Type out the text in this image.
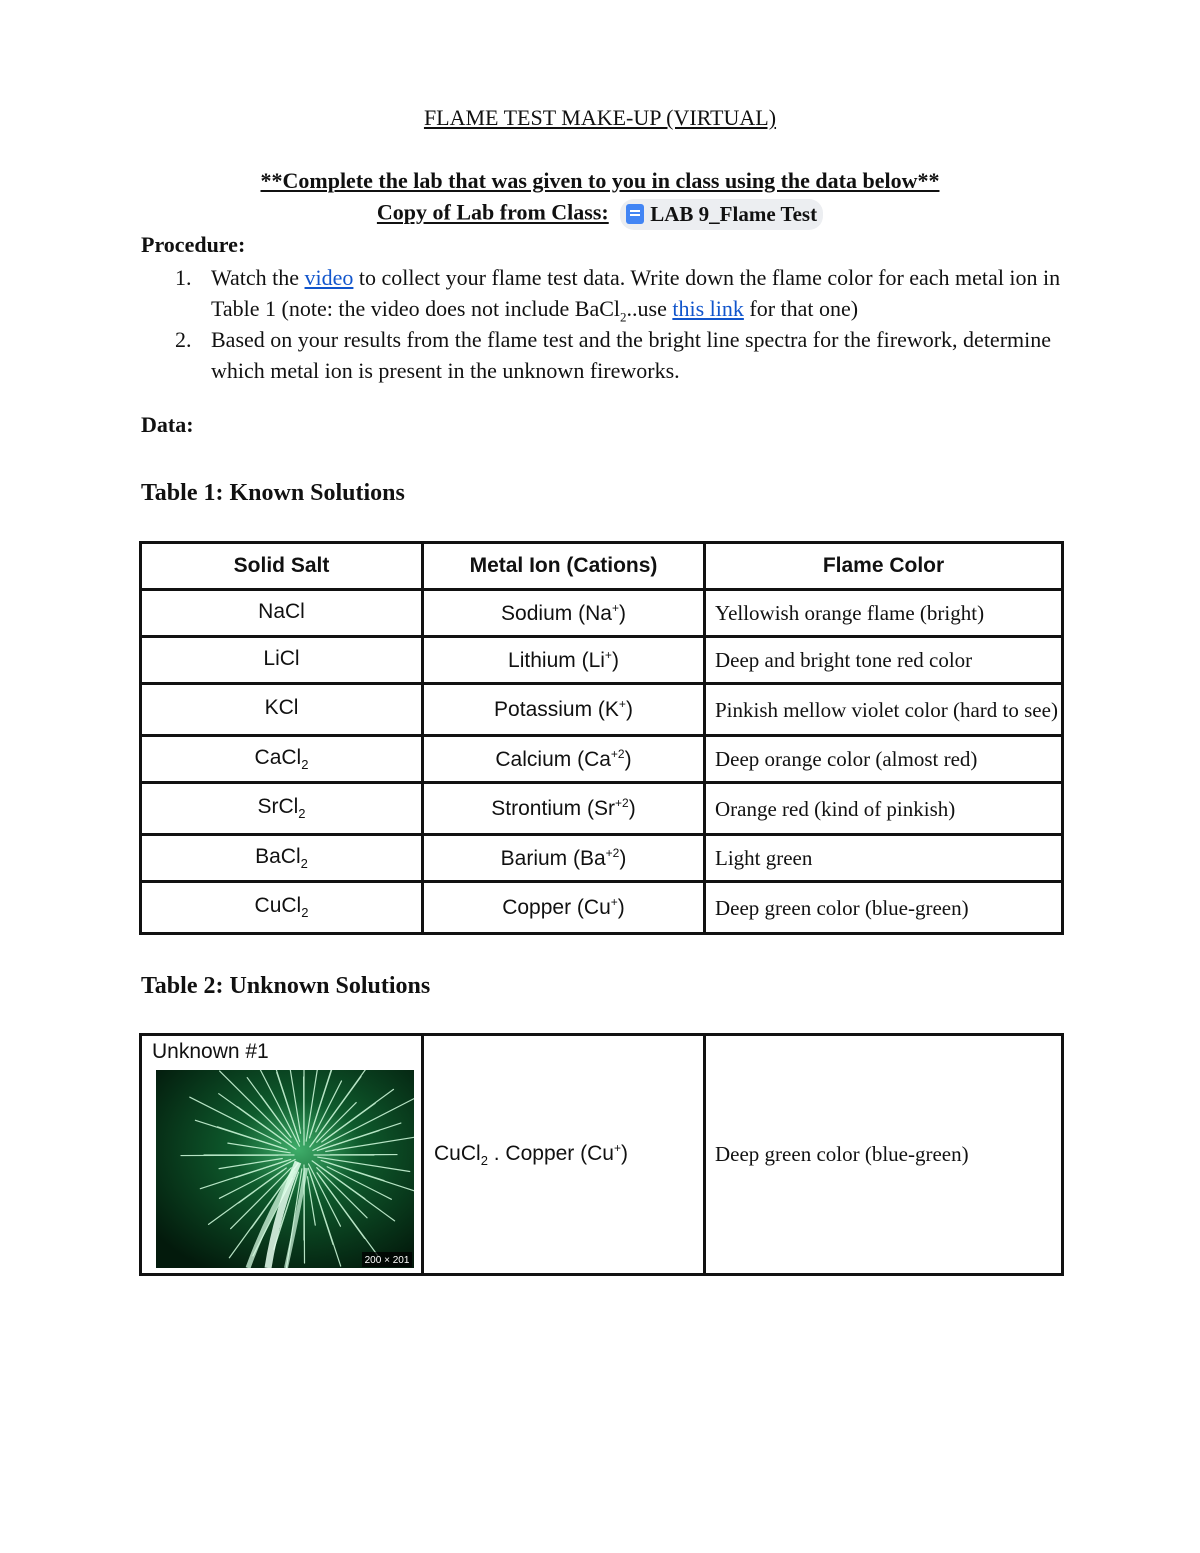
FLAME TEST MAKE-UP (VIRTUAL)
**Complete the lab that was given to you in class using the data below**
Copy of Lab from Class: LAB 9_Flame Test
Procedure:
1. Watch the video to collect your flame test data. Write down the flame color for each metal ion in Table 1 (note: the video does not include BaCl$_2$..use this link for that one)
2. Based on your results from the flame test and the bright line spectra for the firework, determine which metal ion is present in the unknown fireworks.
Data:
Table 1: Known Solutions
Solid Salt	Metal Ion (Cations)	Flame Color
NaCl	Sodium (Na+)	Yellowish orange flame (bright)
LiCl	Lithium (Li+)	Deep and bright tone red color
KCl	Potassium (K+)	Pinkish mellow violet color (hard to see)
CaCl$_2$	Calcium $(Ca^{+2})$	Deep orange color (almost red)
SrCl$_2$	Strontium $(Sr^{+2})$	Orange red (kind of pinkish)
BaCl$_2$	Barium $(Ba^{+2})$	Light green
CuCl$_2$	Copper (Cu+)	Deep green color (blue-green)
Table 2: Unknown Solutions
Unknown #1
200 × 201
	CuCl$_2$ . Copper (Cu+)	Deep green color (blue-green)
